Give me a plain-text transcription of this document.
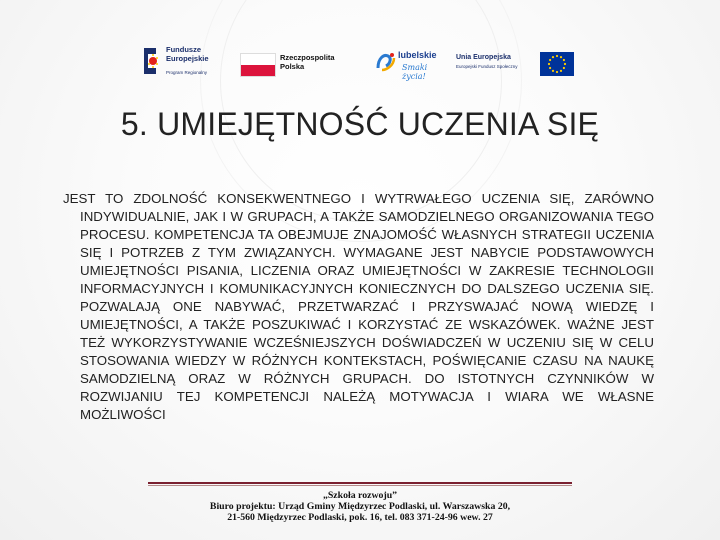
Fundusze
Europejskie
Program Regionalny
Rzeczpospolita
Polska
lubelskie
Smaki życia!
Unia Europejska
Europejski Fundusz Społeczny
5. UMIEJĘTNOŚĆ UCZENIA SIĘ

JEST TO ZDOLNOŚĆ KONSEKWENTNEGO I WYTRWAŁEGO UCZENIA SIĘ, ZARÓWNO INDYWIDUALNIE, JAK I W GRUPACH, A TAKŻE SAMODZIELNEGO ORGANIZOWANIA TEGO PROCESU. KOMPETENCJA TA OBEJMUJE ZNAJOMOŚĆ WŁASNYCH STRATEGII UCZENIA SIĘ I POTRZEB Z TYM ZWIĄZANYCH. WYMAGANE JEST NABYCIE PODSTAWOWYCH UMIEJĘTNOŚCI PISANIA, LICZENIA ORAZ UMIEJĘTNOŚCI W ZAKRESIE TECHNOLOGII INFORMACYJNYCH I KOMUNIKACYJNYCH KONIECZNYCH DO DALSZEGO UCZENIA SIĘ. POZWALAJĄ ONE NABYWAĆ, PRZETWARZAĆ I PRZYSWAJAĆ NOWĄ WIEDZĘ I UMIEJĘTNOŚCI, A TAKŻE POSZUKIWAĆ I KORZYSTAĆ ZE WSKAZÓWEK. WAŻNE JEST TEŻ WYKORZYSTYWANIE WCZEŚNIEJSZYCH DOŚWIADCZEŃ W UCZENIU SIĘ W CELU STOSOWANIA WIEDZY W RÓŻNYCH KONTEKSTACH, POŚWIĘCANIE CZASU NA NAUKĘ SAMODZIELNĄ ORAZ W RÓŻNYCH GRUPACH. DO ISTOTNYCH CZYNNIKÓW W ROZWIJANIU TEJ KOMPETENCJI NALEŻĄ MOTYWACJA I WIARA WE WŁASNE MOŻLIWOŚCI

„Szkoła rozwoju”
Biuro projektu: Urząd Gminy Międzyrzec Podlaski, ul. Warszawska 20,
21-560 Międzyrzec Podlaski, pok. 16, tel. 083 371-24-96 wew. 27
